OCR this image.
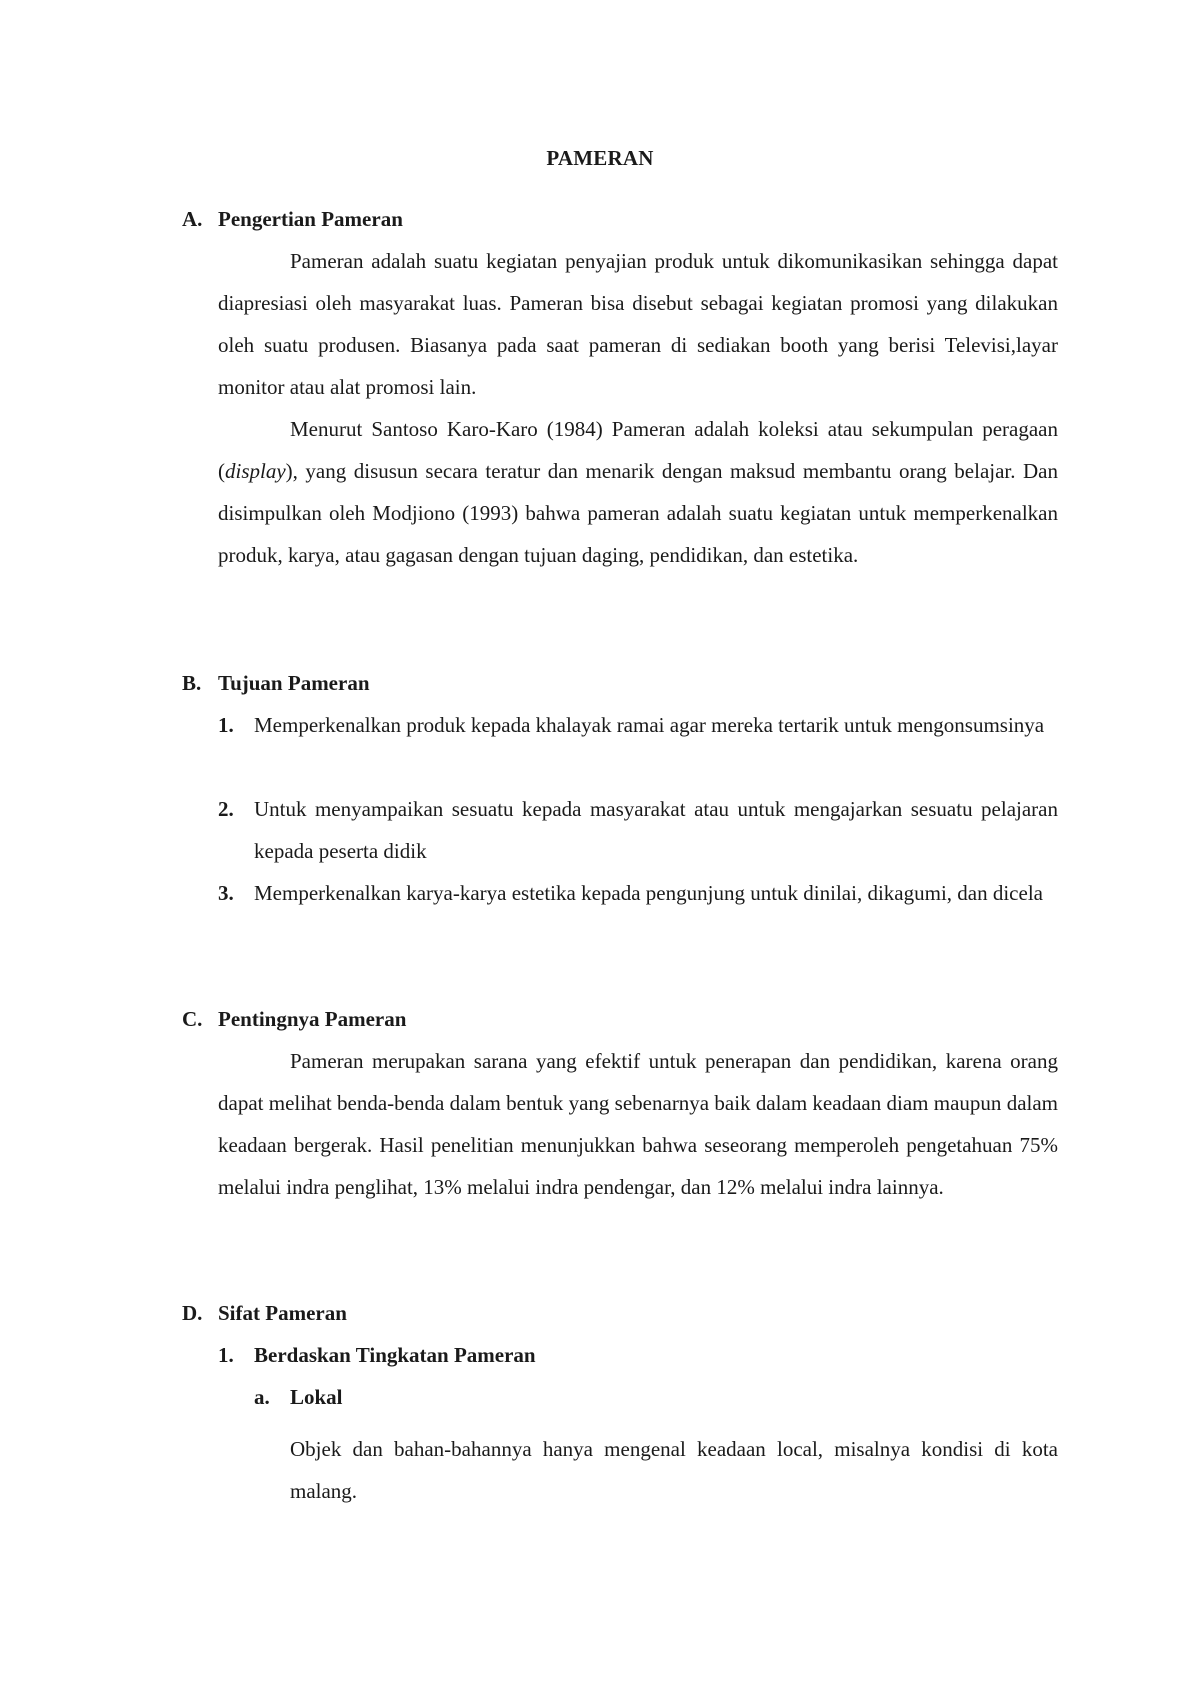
PAMERAN
A. Pengertian Pameran
Pameran adalah suatu kegiatan penyajian produk untuk dikomunikasikan sehingga dapat diapresiasi oleh masyarakat luas. Pameran bisa disebut sebagai kegiatan promosi yang dilakukan oleh suatu produsen. Biasanya pada saat pameran di sediakan booth yang berisi Televisi,layar monitor atau alat promosi lain.
Menurut Santoso Karo-Karo (1984) Pameran adalah koleksi atau sekumpulan peragaan (display), yang disusun secara teratur dan menarik dengan maksud membantu orang belajar. Dan disimpulkan oleh Modjiono (1993) bahwa pameran adalah suatu kegiatan untuk memperkenalkan produk, karya, atau gagasan dengan tujuan daging, pendidikan, dan estetika.
B. Tujuan Pameran
1. Memperkenalkan produk kepada khalayak ramai agar mereka tertarik untuk mengonsumsinya
2. Untuk menyampaikan sesuatu kepada masyarakat atau untuk mengajarkan sesuatu pelajaran kepada peserta didik
3. Memperkenalkan karya-karya estetika kepada pengunjung untuk dinilai, dikagumi, dan dicela
C. Pentingnya Pameran
Pameran merupakan sarana yang efektif untuk penerapan dan pendidikan, karena orang dapat melihat benda-benda dalam bentuk yang sebenarnya baik dalam keadaan diam maupun dalam keadaan bergerak. Hasil penelitian menunjukkan bahwa seseorang memperoleh pengetahuan 75% melalui indra penglihat, 13% melalui indra pendengar, dan 12% melalui indra lainnya.
D. Sifat Pameran
1. Berdaskan Tingkatan Pameran
a. Lokal
Objek dan bahan-bahannya hanya mengenal keadaan local, misalnya kondisi di kota malang.
